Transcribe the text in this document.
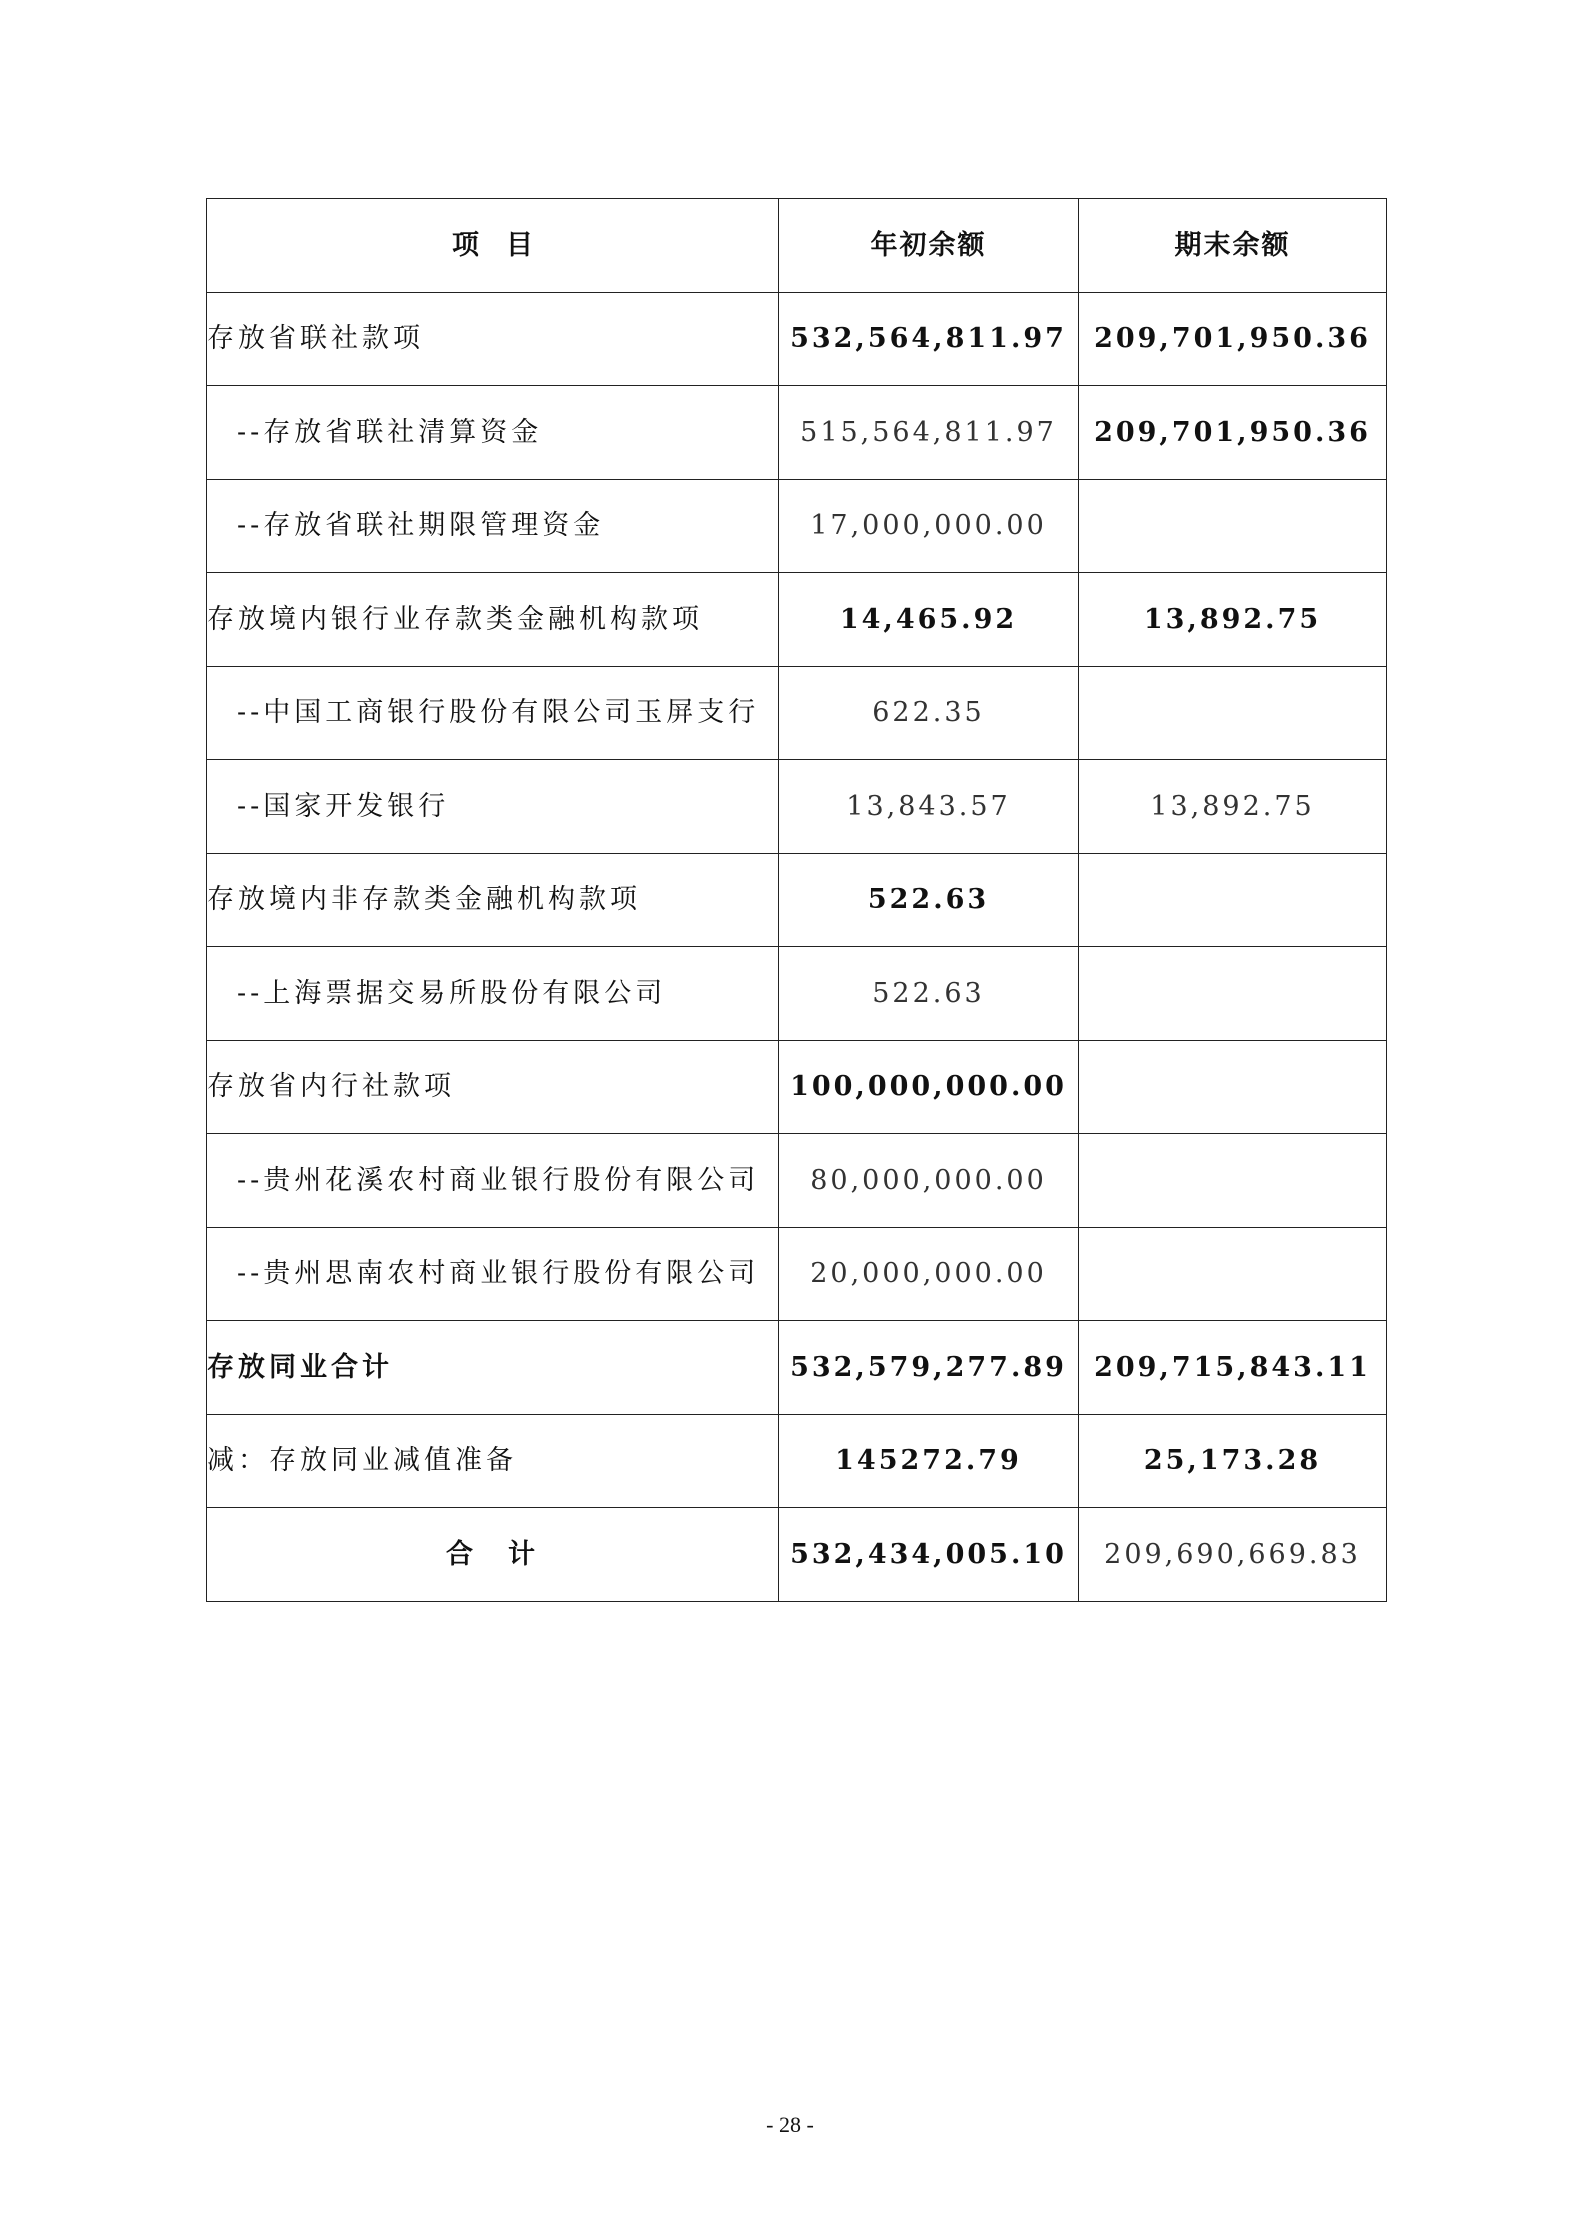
项　目	年初余额	期末余额
存放省联社款项	532,564,811.97	209,701,950.36
--存放省联社清算资金	515,564,811.97	209,701,950.36
--存放省联社期限管理资金	17,000,000.00	
存放境内银行业存款类金融机构款项	14,465.92	13,892.75
--中国工商银行股份有限公司玉屏支行	622.35	
--国家开发银行	13,843.57	13,892.75
存放境内非存款类金融机构款项	522.63	
--上海票据交易所股份有限公司	522.63	
存放省内行社款项	100,000,000.00	
--贵州花溪农村商业银行股份有限公司	80,000,000.00	
--贵州思南农村商业银行股份有限公司	20,000,000.00	
存放同业合计	532,579,277.89	209,715,843.11
减：存放同业减值准备	145272.79	25,173.28
合　计	532,434,005.10	209,690,669.83
- 28 -
